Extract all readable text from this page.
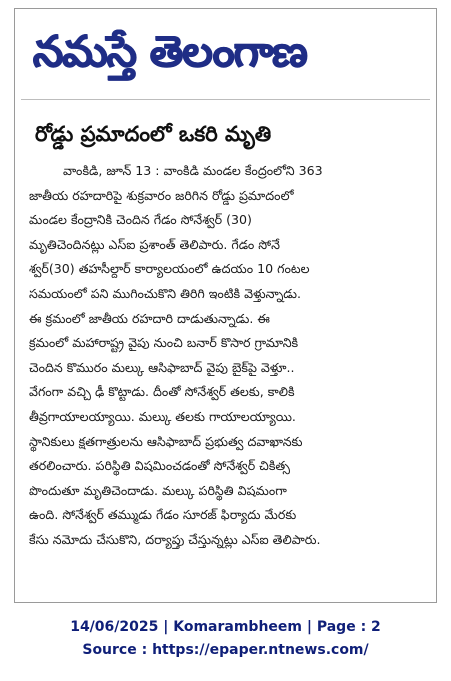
నమస్తే తెలంగాణ
రోడ్డు ప్రమాదంలో ఒకరి మృతి
వాంకిడి, జూన్ 13 : వాంకిడి మండల కేంద్రంలోని 363
జాతీయ రహదారిపై శుక్రవారం జరిగిన రోడ్డు ప్రమాదంలో
మండల కేంద్రానికి చెందిన గేడం సోనేశ్వర్ (30)
మృతిచెందినట్లు ఎస్‌ఐ ప్రశాంత్ తెలిపారు. గేడం సోనే
శ్వర్(30) తహసీల్దార్ కార్యాలయంలో ఉదయం 10 గంటల
సమయంలో పని ముగించుకొని తిరిగి ఇంటికి వెళ్తున్నాడు.
ఈ క్రమంలో జాతీయ రహదారి దాడుతున్నాడు. ఈ
క్రమంలో మహారాష్ట్ర వైపు నుంచి బనార్ కొసార గ్రామానికి
చెందిన కొమురం మల్కు ఆసిఫాబాద్ వైపు బైక్‌పై వెళ్తూ..
వేగంగా వచ్చి ఢీ కొట్టాడు. దీంతో సోనేశ్వర్ తలకు, కాలికి
తీవ్రగాయాలయ్యాయి. మల్కు తలకు గాయాలయ్యాయి.
స్థానికులు క్షతగాత్రులను ఆసిఫాబాద్ ప్రభుత్వ దవాఖానకు
తరలించారు. పరిస్థితి విషమించడంతో సోనేశ్వర్ చికిత్స
పొందుతూ మృతిచెందాడు. మల్కు పరిస్థితి విషమంగా
ఉంది. సోనేశ్వర్ తమ్ముడు గేడం సూరజ్ ఫిర్యాదు మేరకు
కేసు నమోదు చేసుకొని, దర్యాప్తు చేస్తున్నట్లు ఎస్‌ఐ తెలిపారు.
14/06/2025 | Komarambheem | Page : 2
Source : https://epaper.ntnews.com/
